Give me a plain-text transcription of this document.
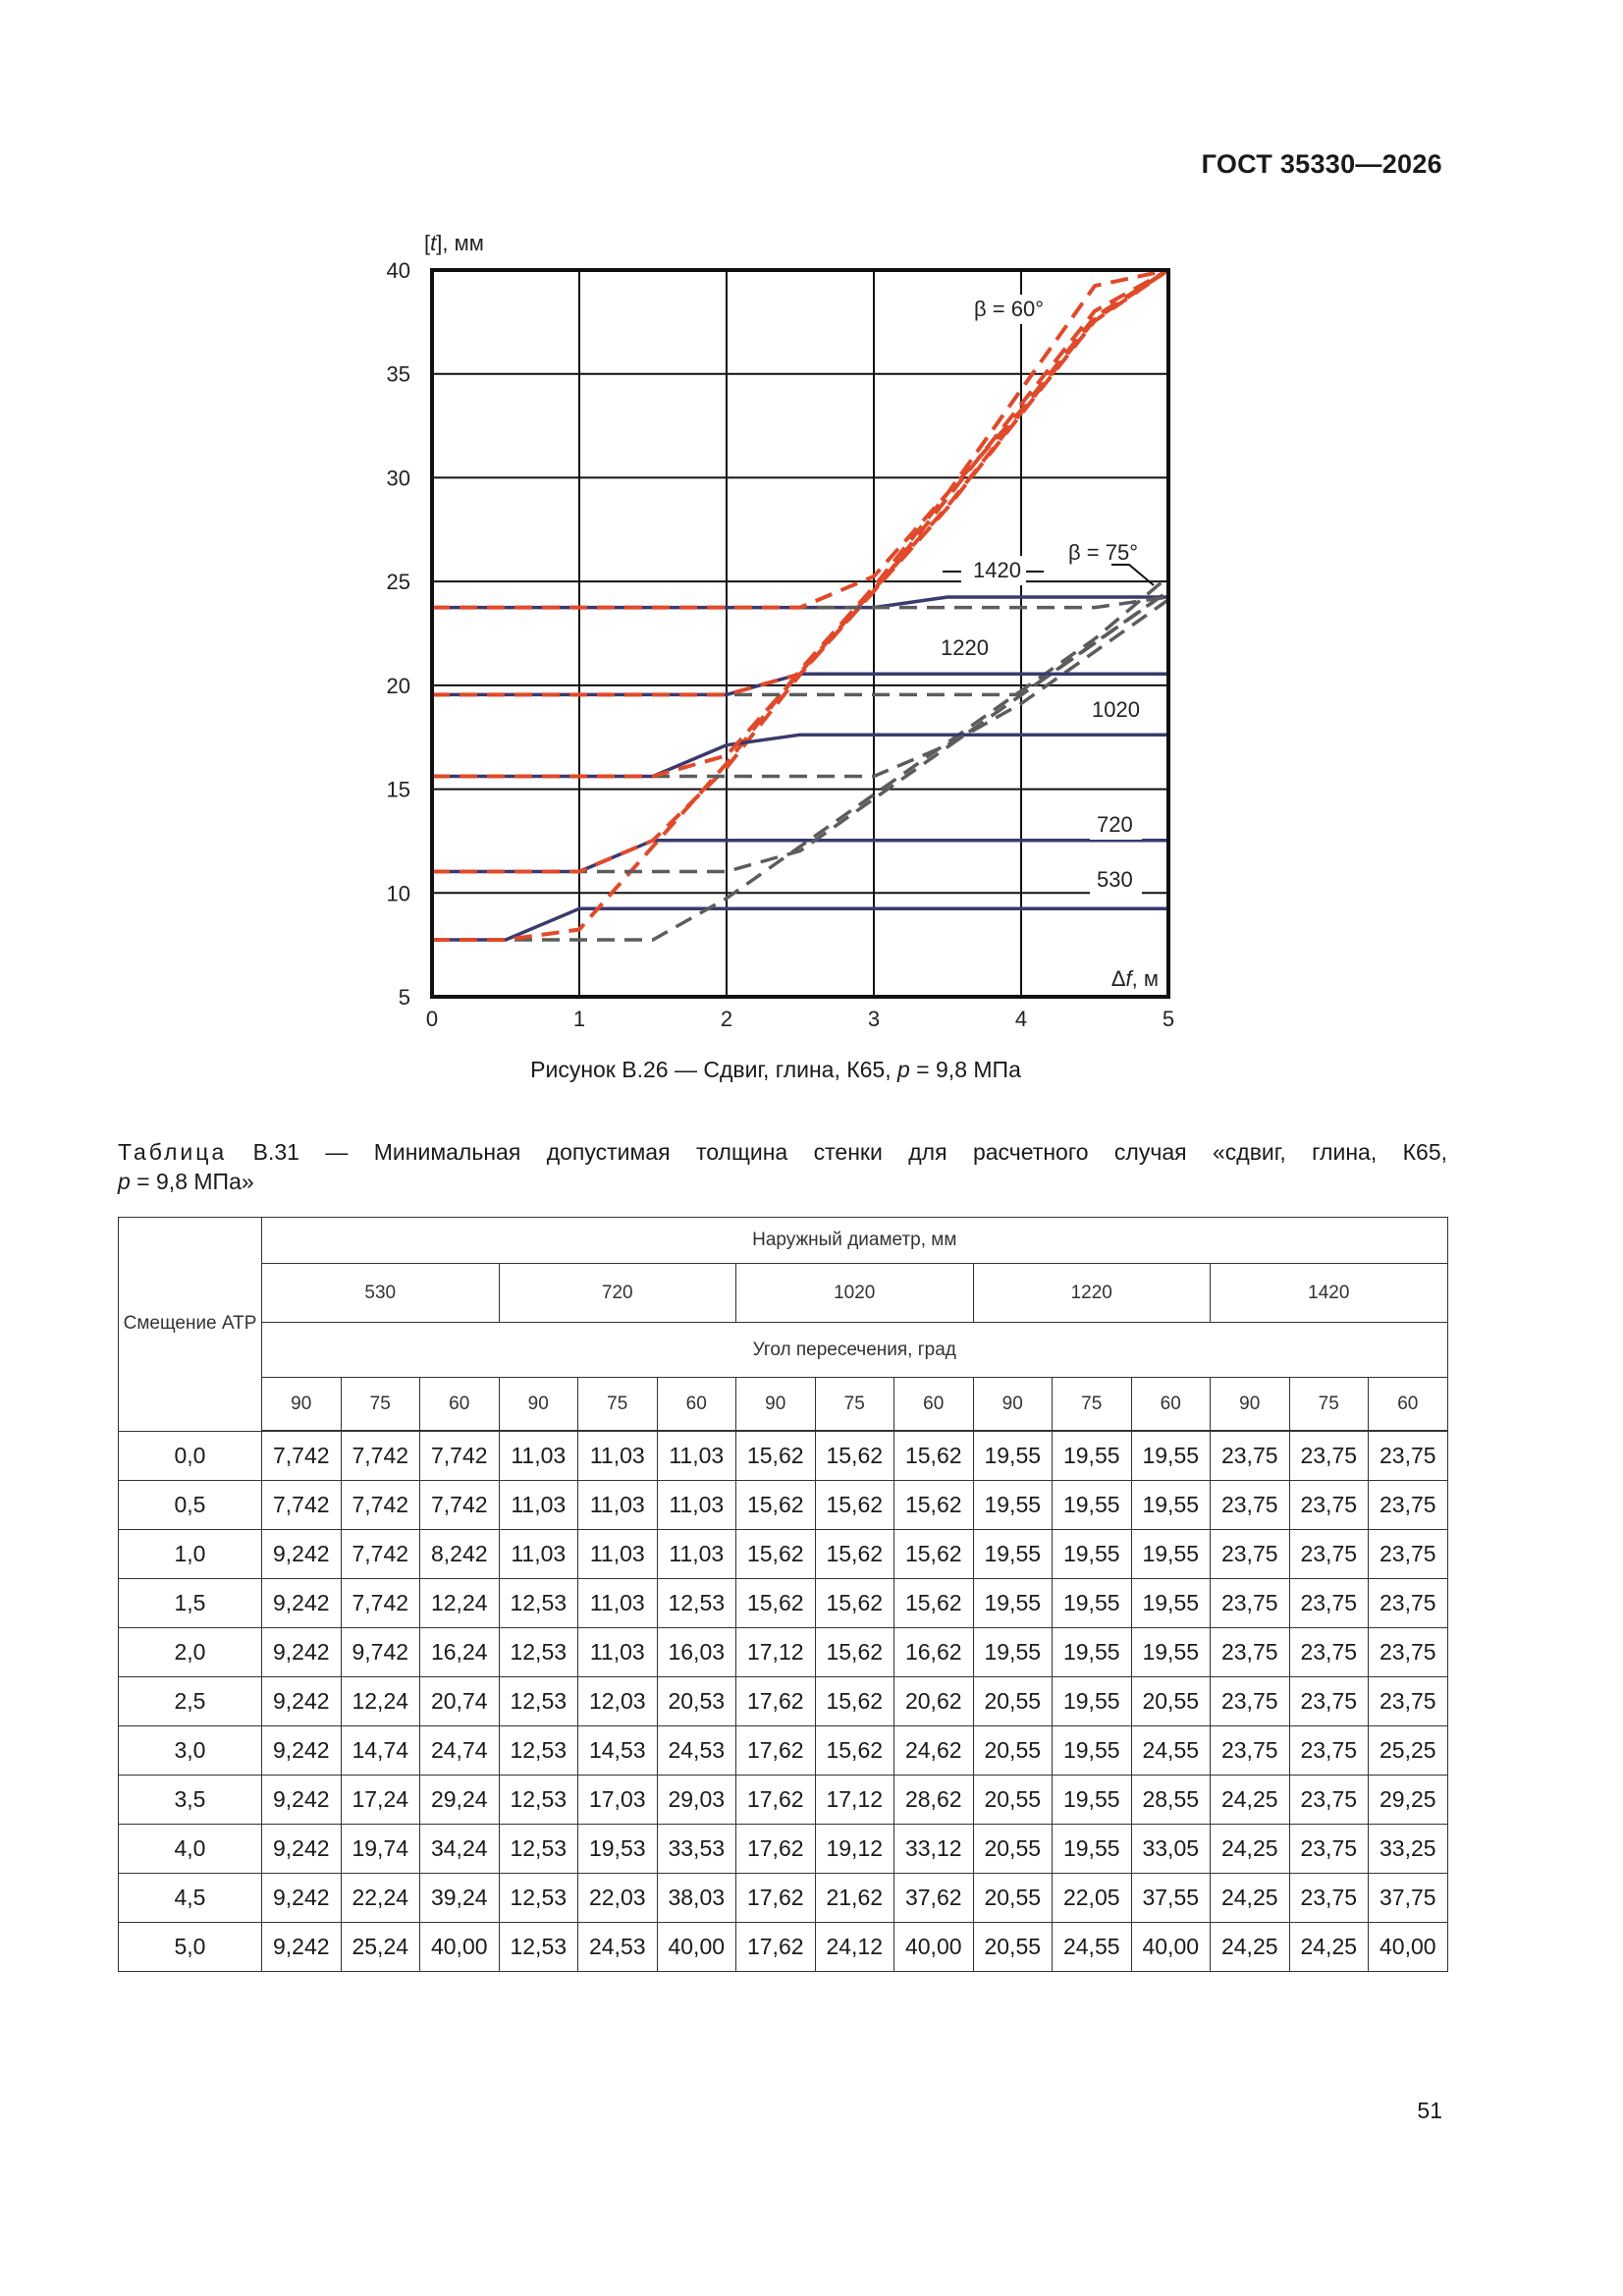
ГОСТ 35330—2026
0	1	2	3	4	5
5
10
15
20
25
30
35
40
β = 60°
β = 75°
1420
1220
1020
720
530
[t], мм
Δf, м
Рисунок В.26 — Сдвиг, глина, К65, p = 9,8 МПа
Таблица В.31 — Минимальная допустимая толщина стенки для расчетного случая «сдвиг, глина, К65,
p = 9,8 МПа»
Смещение АТР	Наружный диаметр, мм														
	530			720			1020			1220			1420		
	Угол пересечения, град														
	90	75	60	90	75	60	90	75	60	90	75	60	90	75	60
0,0	7,742	7,742	7,742	11,03	11,03	11,03	15,62	15,62	15,62	19,55	19,55	19,55	23,75	23,75	23,75
0,5	7,742	7,742	7,742	11,03	11,03	11,03	15,62	15,62	15,62	19,55	19,55	19,55	23,75	23,75	23,75
1,0	9,242	7,742	8,242	11,03	11,03	11,03	15,62	15,62	15,62	19,55	19,55	19,55	23,75	23,75	23,75
1,5	9,242	7,742	12,24	12,53	11,03	12,53	15,62	15,62	15,62	19,55	19,55	19,55	23,75	23,75	23,75
2,0	9,242	9,742	16,24	12,53	11,03	16,03	17,12	15,62	16,62	19,55	19,55	19,55	23,75	23,75	23,75
2,5	9,242	12,24	20,74	12,53	12,03	20,53	17,62	15,62	20,62	20,55	19,55	20,55	23,75	23,75	23,75
3,0	9,242	14,74	24,74	12,53	14,53	24,53	17,62	15,62	24,62	20,55	19,55	24,55	23,75	23,75	25,25
3,5	9,242	17,24	29,24	12,53	17,03	29,03	17,62	17,12	28,62	20,55	19,55	28,55	24,25	23,75	29,25
4,0	9,242	19,74	34,24	12,53	19,53	33,53	17,62	19,12	33,12	20,55	19,55	33,05	24,25	23,75	33,25
4,5	9,242	22,24	39,24	12,53	22,03	38,03	17,62	21,62	37,62	20,55	22,05	37,55	24,25	23,75	37,75
5,0	9,242	25,24	40,00	12,53	24,53	40,00	17,62	24,12	40,00	20,55	24,55	40,00	24,25	24,25	40,00
51
